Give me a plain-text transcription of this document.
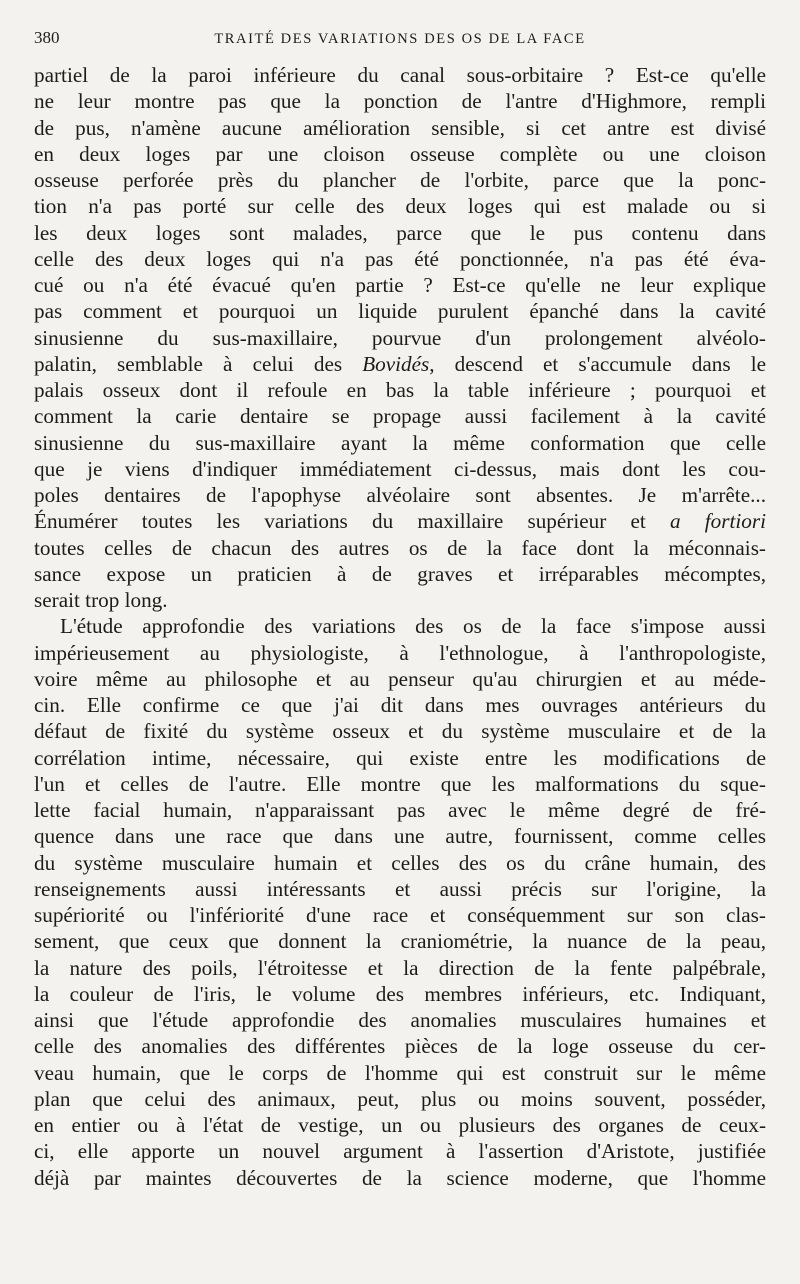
380	TRAITÉ DES VARIATIONS DES OS DE LA FACE
partiel de la paroi inférieure du canal sous-orbitaire ? Est-ce qu'elle
ne leur montre pas que la ponction de l'antre d'Highmore, rempli
de pus, n'amène aucune amélioration sensible, si cet antre est divisé
en deux loges par une cloison osseuse complète ou une cloison
osseuse perforée près du plancher de l'orbite, parce que la ponc-
tion n'a pas porté sur celle des deux loges qui est malade ou si
les deux loges sont malades, parce que le pus contenu dans
celle des deux loges qui n'a pas été ponctionnée, n'a pas été éva-
cué ou n'a été évacué qu'en partie ? Est-ce qu'elle ne leur explique
pas comment et pourquoi un liquide purulent épanché dans la cavité
sinusienne du sus-maxillaire, pourvue d'un prolongement alvéolo-
palatin, semblable à celui des Bovidés, descend et s'accumule dans le
palais osseux dont il refoule en bas la table inférieure ; pourquoi et
comment la carie dentaire se propage aussi facilement à la cavité
sinusienne du sus-maxillaire ayant la même conformation que celle
que je viens d'indiquer immédiatement ci-dessus, mais dont les cou-
poles dentaires de l'apophyse alvéolaire sont absentes. Je m'arrête...
Énumérer toutes les variations du maxillaire supérieur et a fortiori
toutes celles de chacun des autres os de la face dont la méconnais-
sance expose un praticien à de graves et irréparables mécomptes,
serait trop long.
L'étude approfondie des variations des os de la face s'impose aussi
impérieusement au physiologiste, à l'ethnologue, à l'anthropologiste,
voire même au philosophe et au penseur qu'au chirurgien et au méde-
cin. Elle confirme ce que j'ai dit dans mes ouvrages antérieurs du
défaut de fixité du système osseux et du système musculaire et de la
corrélation intime, nécessaire, qui existe entre les modifications de
l'un et celles de l'autre. Elle montre que les malformations du sque-
lette facial humain, n'apparaissant pas avec le même degré de fré-
quence dans une race que dans une autre, fournissent, comme celles
du système musculaire humain et celles des os du crâne humain, des
renseignements aussi intéressants et aussi précis sur l'origine, la
supériorité ou l'infériorité d'une race et conséquemment sur son clas-
sement, que ceux que donnent la craniométrie, la nuance de la peau,
la nature des poils, l'étroitesse et la direction de la fente palpébrale,
la couleur de l'iris, le volume des membres inférieurs, etc. Indiquant,
ainsi que l'étude approfondie des anomalies musculaires humaines et
celle des anomalies des différentes pièces de la loge osseuse du cer-
veau humain, que le corps de l'homme qui est construit sur le même
plan que celui des animaux, peut, plus ou moins souvent, posséder,
en entier ou à l'état de vestige, un ou plusieurs des organes de ceux-
ci, elle apporte un nouvel argument à l'assertion d'Aristote, justifiée
déjà par maintes découvertes de la science moderne, que l'homme
